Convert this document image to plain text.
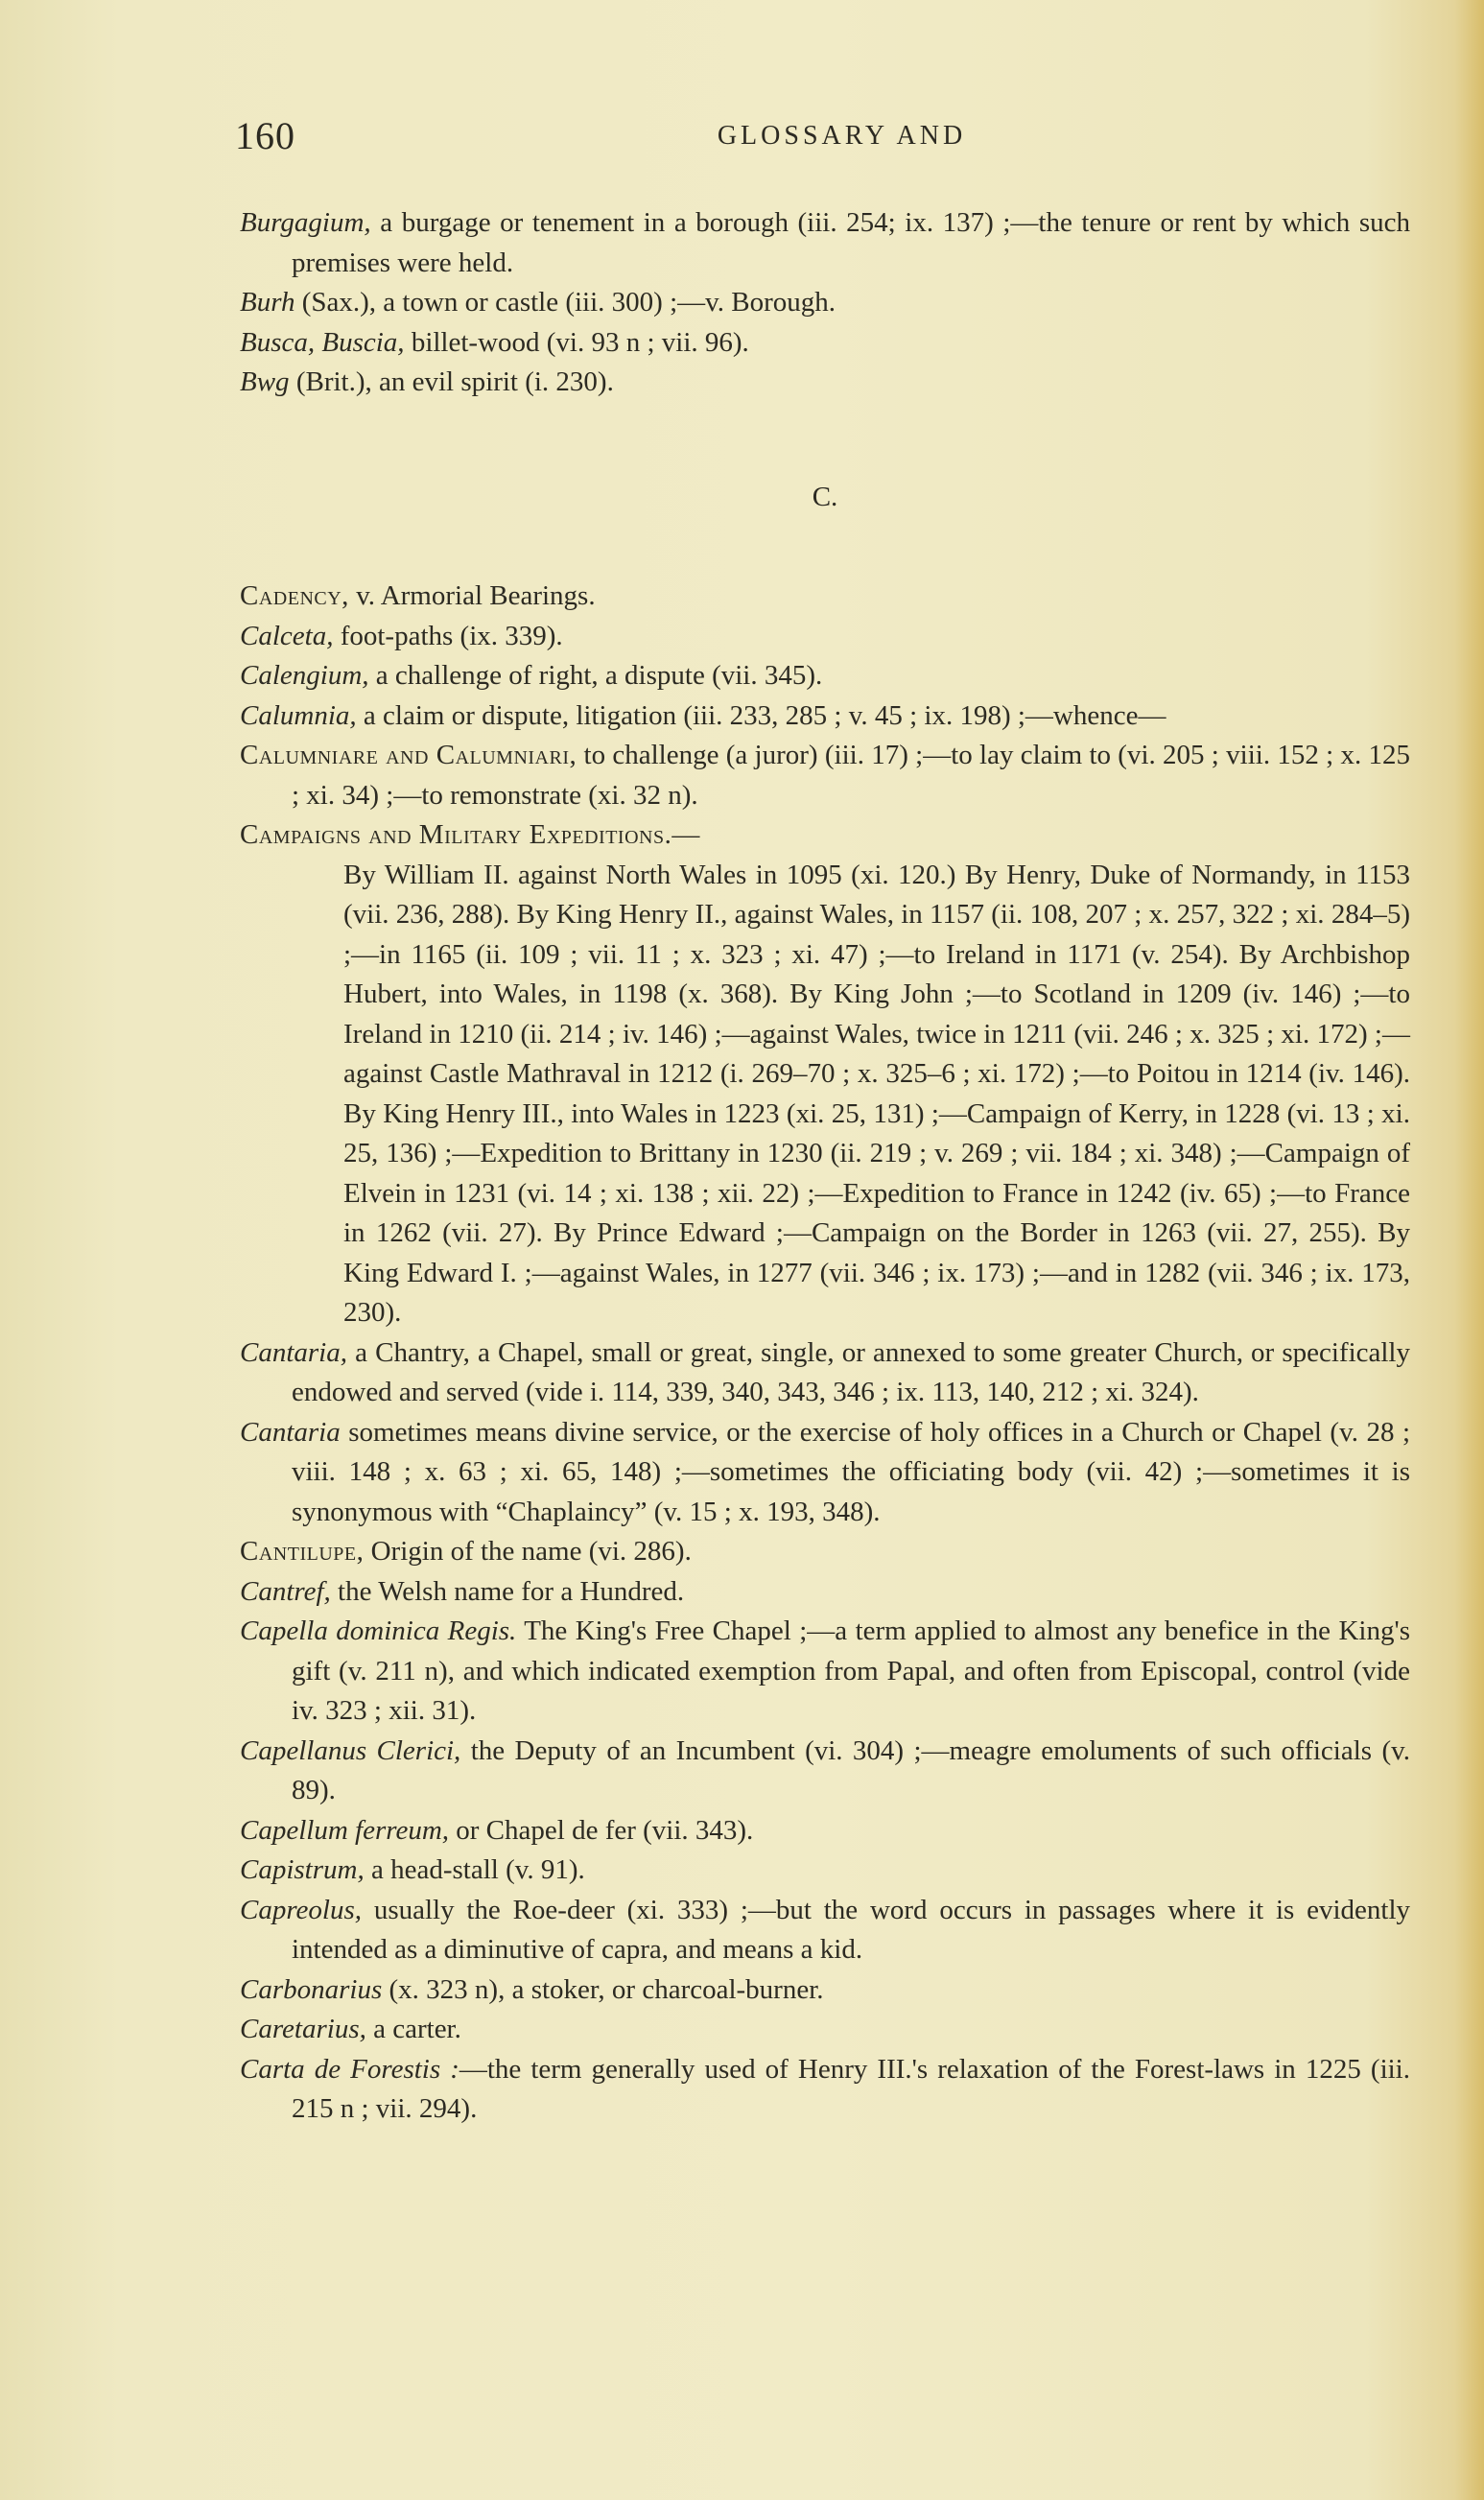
160	GLOSSARY AND
Burgagium, a burgage or tenement in a borough (iii. 254; ix. 137) ;—the tenure or rent by which such premises were held.
Burh (Sax.), a town or castle (iii. 300) ;—v. Borough.
Busca, Buscia, billet-wood (vi. 93 n ; vii. 96).
Bwg (Brit.), an evil spirit (i. 230).
C.
Cadency, v. Armorial Bearings.
Calceta, foot-paths (ix. 339).
Calengium, a challenge of right, a dispute (vii. 345).
Calumnia, a claim or dispute, litigation (iii. 233, 285 ; v. 45 ; ix. 198) ;—whence—
Calumniare and Calumniari, to challenge (a juror) (iii. 17) ;—to lay claim to (vi. 205 ; viii. 152 ; x. 125 ; xi. 34) ;—to remonstrate (xi. 32 n).
Campaigns and Military Expeditions.—
By William II. against North Wales in 1095 (xi. 120.) By Henry, Duke of Normandy, in 1153 (vii. 236, 288). By King Henry II., against Wales, in 1157 (ii. 108, 207 ; x. 257, 322 ; xi. 284–5) ;—in 1165 (ii. 109 ; vii. 11 ; x. 323 ; xi. 47) ;—to Ireland in 1171 (v. 254). By Archbishop Hubert, into Wales, in 1198 (x. 368). By King John ;—to Scotland in 1209 (iv. 146) ;—to Ireland in 1210 (ii. 214 ; iv. 146) ;—against Wales, twice in 1211 (vii. 246 ; x. 325 ; xi. 172) ;—against Castle Mathraval in 1212 (i. 269–70 ; x. 325–6 ; xi. 172) ;—to Poitou in 1214 (iv. 146). By King Henry III., into Wales in 1223 (xi. 25, 131) ;—Campaign of Kerry, in 1228 (vi. 13 ; xi. 25, 136) ;—Expedition to Brittany in 1230 (ii. 219 ; v. 269 ; vii. 184 ; xi. 348) ;—Campaign of Elvein in 1231 (vi. 14 ; xi. 138 ; xii. 22) ;—Expedition to France in 1242 (iv. 65) ;—to France in 1262 (vii. 27). By Prince Edward ;—Campaign on the Border in 1263 (vii. 27, 255). By King Edward I. ;—against Wales, in 1277 (vii. 346 ; ix. 173) ;—and in 1282 (vii. 346 ; ix. 173, 230).
Cantaria, a Chantry, a Chapel, small or great, single, or annexed to some greater Church, or specifically endowed and served (vide i. 114, 339, 340, 343, 346 ; ix. 113, 140, 212 ; xi. 324).
Cantaria sometimes means divine service, or the exercise of holy offices in a Church or Chapel (v. 28 ; viii. 148 ; x. 63 ; xi. 65, 148) ;—sometimes the officiating body (vii. 42) ;—sometimes it is synonymous with “Chaplaincy” (v. 15 ; x. 193, 348).
Cantilupe, Origin of the name (vi. 286).
Cantref, the Welsh name for a Hundred.
Capella dominica Regis. The King's Free Chapel ;—a term applied to almost any benefice in the King's gift (v. 211 n), and which indicated exemption from Papal, and often from Episcopal, control (vide iv. 323 ; xii. 31).
Capellanus Clerici, the Deputy of an Incumbent (vi. 304) ;—meagre emoluments of such officials (v. 89).
Capellum ferreum, or Chapel de fer (vii. 343).
Capistrum, a head-stall (v. 91).
Capreolus, usually the Roe-deer (xi. 333) ;—but the word occurs in passages where it is evidently intended as a diminutive of capra, and means a kid.
Carbonarius (x. 323 n), a stoker, or charcoal-burner.
Caretarius, a carter.
Carta de Forestis :—the term generally used of Henry III.'s relaxation of the Forest-laws in 1225 (iii. 215 n ; vii. 294).
